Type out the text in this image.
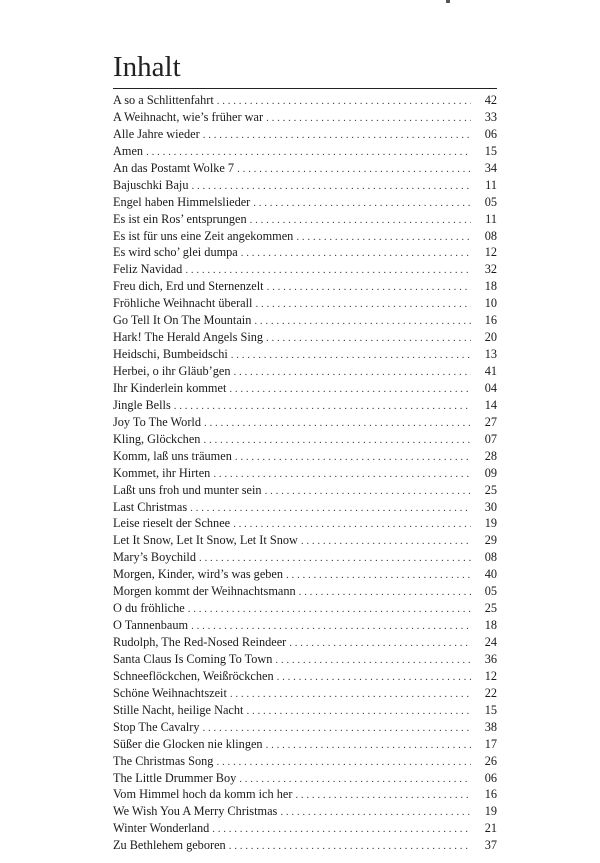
Inhalt
A so a Schlittenfahrt . . .	42
A Weihnacht, wie’s früher war . . .	33
Alle Jahre wieder . . .	06
Amen . . .	15
An das Postamt Wolke 7 . . .	34
Bajuschki Baju . . .	11
Engel haben Himmelslieder . . .	05
Es ist ein Ros’ entsprungen . . .	11
Es ist für uns eine Zeit angekommen . . .	08
Es wird scho’ glei dumpa . . .	12
Feliz Navidad . . .	32
Freu dich, Erd und Sternenzelt . . .	18
Fröhliche Weihnacht überall . . .	10
Go Tell It On The Mountain . . .	16
Hark! The Herald Angels Sing . . .	20
Heidschi, Bumbeidschi . . .	13
Herbei, o ihr Gläub’gen . . .	41
Ihr Kinderlein kommet . . .	04
Jingle Bells . . .	14
Joy To The World . . .	27
Kling, Glöckchen . . .	07
Komm, laß uns träumen . . .	28
Kommet, ihr Hirten . . .	09
Laßt uns froh und munter sein . . .	25
Last Christmas . . .	30
Leise rieselt der Schnee . . .	19
Let It Snow, Let It Snow, Let It Snow . . .	29
Mary’s Boychild . . .	08
Morgen, Kinder, wird’s was geben . . .	40
Morgen kommt der Weihnachtsmann . . .	05
O du fröhliche . . .	25
O Tannenbaum . . .	18
Rudolph, The Red-Nosed Reindeer . . .	24
Santa Claus Is Coming To Town . . .	36
Schneeflöckchen, Weißröckchen . . .	12
Schöne Weihnachtszeit . . .	22
Stille Nacht, heilige Nacht . . .	15
Stop The Cavalry . . .	38
Süßer die Glocken nie klingen . . .	17
The Christmas Song . . .	26
The Little Drummer Boy . . .	06
Vom Himmel hoch da komm ich her . . .	16
We Wish You A Merry Christmas . . .	19
Winter Wonderland . . .	21
Zu Bethlehem geboren . . .	37
